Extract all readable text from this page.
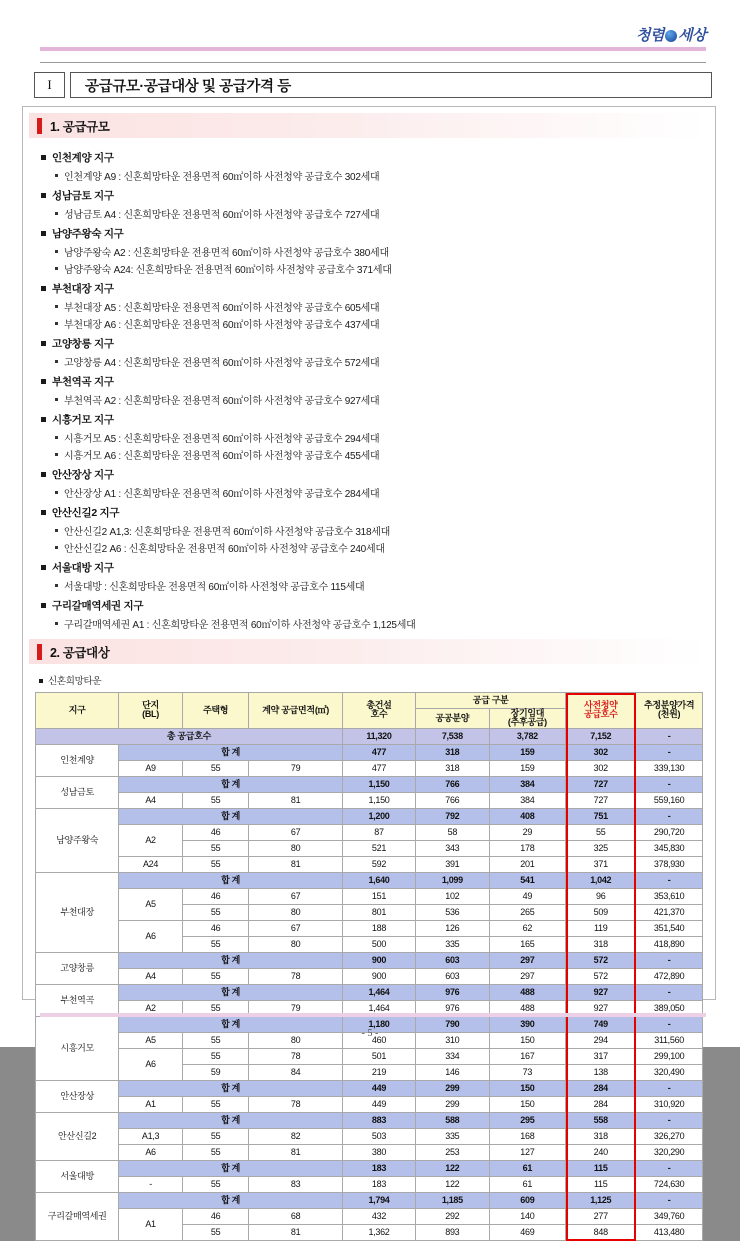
청렴 세상
I	공급규모·공급대상 및 공급가격 등
1. 공급규모
인천계양 지구
인천계양 A9 : 신혼희망타운 전용면적 60㎡이하 사전청약 공급호수 302세대
성남금토 지구
성남금토 A4 : 신혼희망타운 전용면적 60㎡이하 사전청약 공급호수 727세대
남양주왕숙 지구
남양주왕숙 A2 : 신혼희망타운 전용면적 60㎡이하 사전청약 공급호수 380세대
남양주왕숙 A24: 신혼희망타운 전용면적 60㎡이하 사전청약 공급호수 371세대
부천대장 지구
부천대장 A5 : 신혼희망타운 전용면적 60㎡이하 사전청약 공급호수 605세대
부천대장 A6 : 신혼희망타운 전용면적 60㎡이하 사전청약 공급호수 437세대
고양창릉 지구
고양창릉 A4 : 신혼희망타운 전용면적 60㎡이하 사전청약 공급호수 572세대
부천역곡 지구
부천역곡 A2 : 신혼희망타운 전용면적 60㎡이하 사전청약 공급호수 927세대
시흥거모 지구
시흥거모 A5 : 신혼희망타운 전용면적 60㎡이하 사전청약 공급호수 294세대
시흥거모 A6 : 신혼희망타운 전용면적 60㎡이하 사전청약 공급호수 455세대
안산장상 지구
안산장상 A1 : 신혼희망타운 전용면적 60㎡이하 사전청약 공급호수 284세대
안산신길2 지구
안산신길2 A1,3: 신혼희망타운 전용면적 60㎡이하 사전청약 공급호수 318세대
안산신길2 A6 : 신혼희망타운 전용면적 60㎡이하 사전청약 공급호수 240세대
서울대방 지구
서울대방 : 신혼희망타운 전용면적 60㎡이하 사전청약 공급호수 115세대
구리갈매역세권 지구
구리갈매역세권 A1 : 신혼희망타운 전용면적 60㎡이하 사전청약 공급호수 1,125세대
2. 공급대상
신혼희망타운
지구	단지
(BL)	주택형	계약 공급면적(㎡)	총건설
호수	공급 구분		사전청약
공급호수	추정분양가격
(천원)
					공공분양	장기임대
(추후공급)		
총 공급호수				11,320	7,538	3,782	7,152	-
인천계양	합 계			477	318	159	302	-
	A9	55	79	477	318	159	302	339,130
성남금토	합 계			1,150	766	384	727	-
	A4	55	81	1,150	766	384	727	559,160
남양주왕숙	합 계			1,200	792	408	751	-
	A2	46	67	87	58	29	55	290,720
		55	80	521	343	178	325	345,830
	A24	55	81	592	391	201	371	378,930
부천대장	합 계			1,640	1,099	541	1,042	-
	A5	46	67	151	102	49	96	353,610
		55	80	801	536	265	509	421,370
	A6	46	67	188	126	62	119	351,540
		55	80	500	335	165	318	418,890
고양창릉	합 계			900	603	297	572	-
	A4	55	78	900	603	297	572	472,890
부천역곡	합 계			1,464	976	488	927	-
	A2	55	79	1,464	976	488	927	389,050
시흥거모	합 계			1,180	790	390	749	-
	A5	55	80	460	310	150	294	311,560
	A6	55	78	501	334	167	317	299,100
		59	84	219	146	73	138	320,490
안산장상	합 계			449	299	150	284	-
	A1	55	78	449	299	150	284	310,920
안산신길2	합 계			883	588	295	558	-
	A1,3	55	82	503	335	168	318	326,270
	A6	55	81	380	253	127	240	320,290
서울대방	합 계			183	122	61	115	-
	-	55	83	183	122	61	115	724,630
구리갈매역세권	합 계			1,794	1,185	609	1,125	-
	A1	46	68	432	292	140	277	349,760
		55	81	1,362	893	469	848	413,480
- 5 -
